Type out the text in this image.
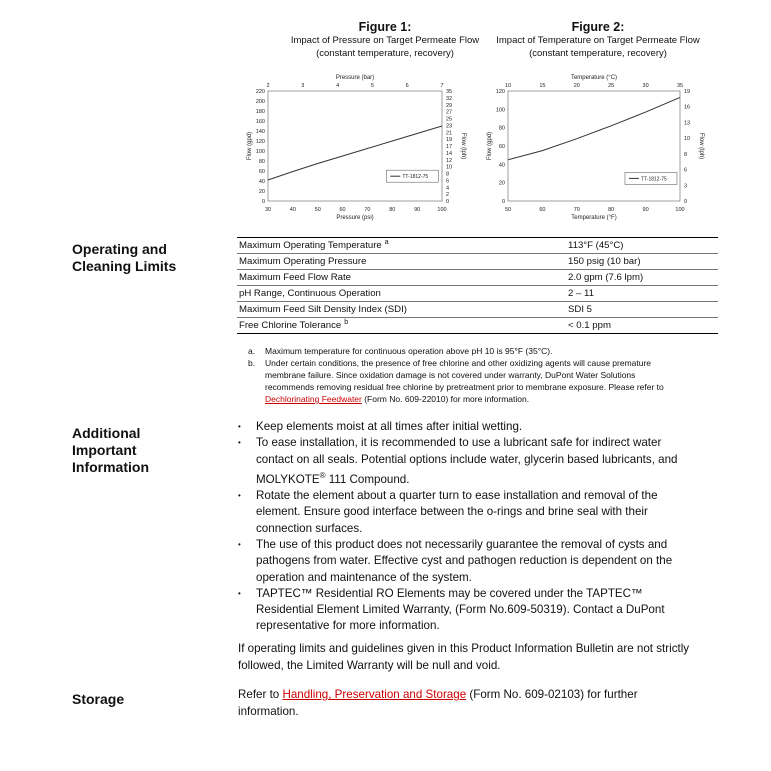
Figure 1:
Impact of Pressure on Target Permeate Flow
(constant temperature, recovery)
30	40	50	60	70	80	90	100
0
20
40
60
80
100
120
140
160
180
200
220
2	3	4	5	6	7
0
2
4
6
8
10
12
14
17
19
21
23
25
27
29
32
35
Pressure (psi)
Pressure (bar)
Flow (gpd)	Flow (lph)
TT-1812-75
Figure 2:
Impact of Temperature on Target Permeate Flow
(constant temperature, recovery)
50	60	70	80	90	100
0
20
40
60
80
100
120
10	15	20	25	30	35
0
3
6
8
10
13
16
19
Temperature (°F)
Temperature (°C)
Flow (gpd)	Flow (lph)
TT-1812-75
Operating and
Cleaning Limits
Maximum Operating Temperature $^a$	113°F (45°C)
Maximum Operating Pressure	150 psig (10 bar)
Maximum Feed Flow Rate	2.0 gpm (7.6 lpm)
pH Range, Continuous Operation	2 – 11
Maximum Feed Silt Density Index (SDI)	SDI 5
Free Chlorine Tolerance $^b$	< 0.1 ppm
a.	Maximum temperature for continuous operation above pH 10 is 95°F (35°C).
b.	Under certain conditions, the presence of free chlorine and other oxidizing agents will cause premature
membrane failure. Since oxidation damage is not covered under warranty, DuPont Water Solutions
recommends removing residual free chlorine by pretreatment prior to membrane exposure. Please refer to
Dechlorinating Feedwater (Form No. 609-22010) for more information.
Additional
Important
Information
•	Keep elements moist at all times after initial wetting.
•	To ease installation, it is recommended to use a lubricant safe for indirect water
contact on all seals. Potential options include water, glycerin based lubricants, and
MOLYKOTE® 111 Compound.
•	Rotate the element about a quarter turn to ease installation and removal of the
element. Ensure good interface between the o-rings and brine seal with their
connection surfaces.
•	The use of this product does not necessarily guarantee the removal of cysts and
pathogens from water. Effective cyst and pathogen reduction is dependent on the
operation and maintenance of the system.
•	TAPTEC™ Residential RO Elements may be covered under the TAPTEC™
Residential Element Limited Warranty, (Form No.609-50319). Contact a DuPont
representative for more information.
If operating limits and guidelines given in this Product Information Bulletin are not strictly
followed, the Limited Warranty will be null and void.
Storage	Refer to Handling, Preservation and Storage (Form No. 609-02103) for further
information.
